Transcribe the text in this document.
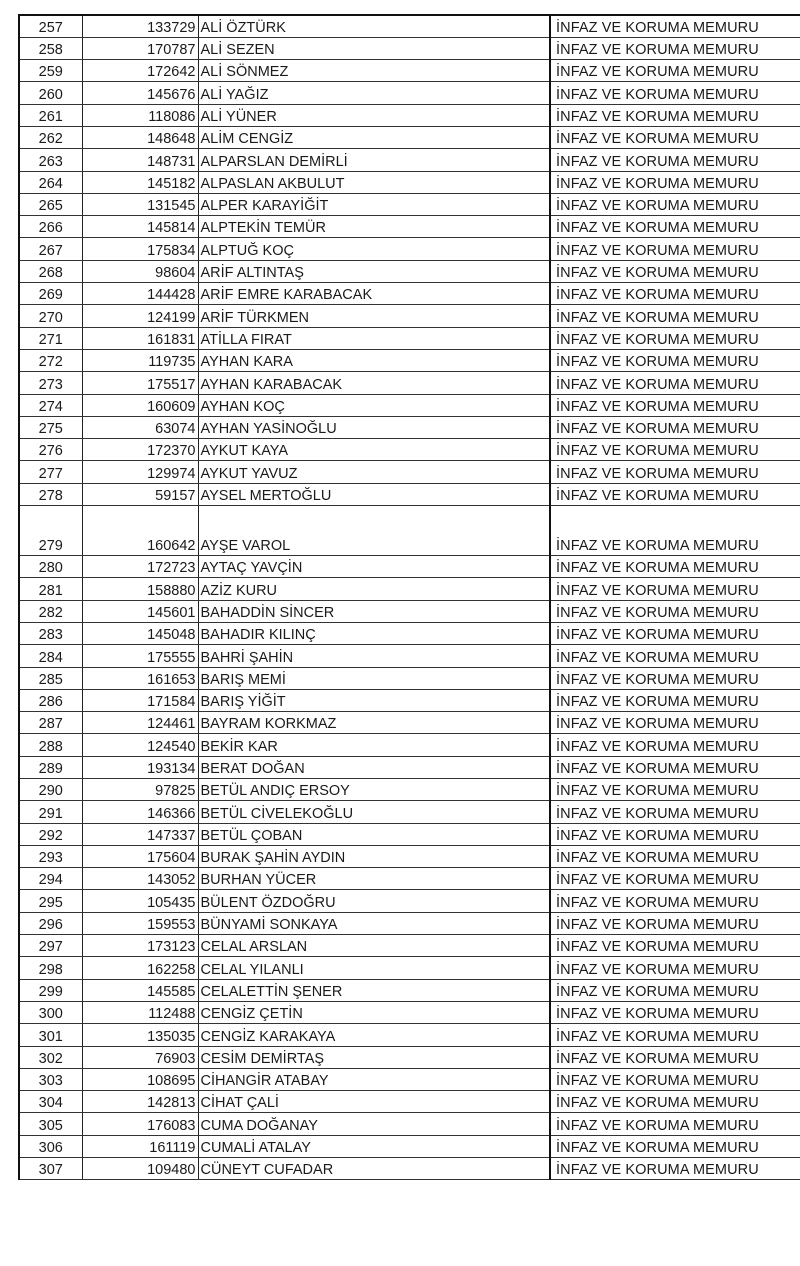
257	133729	ALİ ÖZTÜRK	İNFAZ VE KORUMA MEMURU
258	170787	ALİ SEZEN	İNFAZ VE KORUMA MEMURU
259	172642	ALİ SÖNMEZ	İNFAZ VE KORUMA MEMURU
260	145676	ALİ YAĞIZ	İNFAZ VE KORUMA MEMURU
261	118086	ALİ YÜNER	İNFAZ VE KORUMA MEMURU
262	148648	ALİM CENGİZ	İNFAZ VE KORUMA MEMURU
263	148731	ALPARSLAN DEMİRLİ	İNFAZ VE KORUMA MEMURU
264	145182	ALPASLAN AKBULUT	İNFAZ VE KORUMA MEMURU
265	131545	ALPER KARAYİĞİT	İNFAZ VE KORUMA MEMURU
266	145814	ALPTEKİN TEMÜR	İNFAZ VE KORUMA MEMURU
267	175834	ALPTUĞ KOÇ	İNFAZ VE KORUMA MEMURU
268	98604	ARİF ALTINTAŞ	İNFAZ VE KORUMA MEMURU
269	144428	ARİF EMRE KARABACAK	İNFAZ VE KORUMA MEMURU
270	124199	ARİF TÜRKMEN	İNFAZ VE KORUMA MEMURU
271	161831	ATİLLA FIRAT	İNFAZ VE KORUMA MEMURU
272	119735	AYHAN KARA	İNFAZ VE KORUMA MEMURU
273	175517	AYHAN KARABACAK	İNFAZ VE KORUMA MEMURU
274	160609	AYHAN KOÇ	İNFAZ VE KORUMA MEMURU
275	63074	AYHAN YASİNOĞLU	İNFAZ VE KORUMA MEMURU
276	172370	AYKUT KAYA	İNFAZ VE KORUMA MEMURU
277	129974	AYKUT YAVUZ	İNFAZ VE KORUMA MEMURU
278	59157	AYSEL MERTOĞLU	İNFAZ VE KORUMA MEMURU
279	160642	AYŞE VAROL	İNFAZ VE KORUMA MEMURU
280	172723	AYTAÇ YAVÇİN	İNFAZ VE KORUMA MEMURU
281	158880	AZİZ KURU	İNFAZ VE KORUMA MEMURU
282	145601	BAHADDİN SİNCER	İNFAZ VE KORUMA MEMURU
283	145048	BAHADIR KILINÇ	İNFAZ VE KORUMA MEMURU
284	175555	BAHRİ ŞAHİN	İNFAZ VE KORUMA MEMURU
285	161653	BARIŞ MEMİ	İNFAZ VE KORUMA MEMURU
286	171584	BARIŞ YİĞİT	İNFAZ VE KORUMA MEMURU
287	124461	BAYRAM KORKMAZ	İNFAZ VE KORUMA MEMURU
288	124540	BEKİR KAR	İNFAZ VE KORUMA MEMURU
289	193134	BERAT DOĞAN	İNFAZ VE KORUMA MEMURU
290	97825	BETÜL ANDIÇ ERSOY	İNFAZ VE KORUMA MEMURU
291	146366	BETÜL CİVELEKOĞLU	İNFAZ VE KORUMA MEMURU
292	147337	BETÜL ÇOBAN	İNFAZ VE KORUMA MEMURU
293	175604	BURAK ŞAHİN AYDIN	İNFAZ VE KORUMA MEMURU
294	143052	BURHAN YÜCER	İNFAZ VE KORUMA MEMURU
295	105435	BÜLENT ÖZDOĞRU	İNFAZ VE KORUMA MEMURU
296	159553	BÜNYAMİ SONKAYA	İNFAZ VE KORUMA MEMURU
297	173123	CELAL ARSLAN	İNFAZ VE KORUMA MEMURU
298	162258	CELAL YILANLI	İNFAZ VE KORUMA MEMURU
299	145585	CELALETTİN ŞENER	İNFAZ VE KORUMA MEMURU
300	112488	CENGİZ ÇETİN	İNFAZ VE KORUMA MEMURU
301	135035	CENGİZ KARAKAYA	İNFAZ VE KORUMA MEMURU
302	76903	CESİM DEMİRTAŞ	İNFAZ VE KORUMA MEMURU
303	108695	CİHANGİR ATABAY	İNFAZ VE KORUMA MEMURU
304	142813	CİHAT ÇALİ	İNFAZ VE KORUMA MEMURU
305	176083	CUMA DOĞANAY	İNFAZ VE KORUMA MEMURU
306	161119	CUMALİ ATALAY	İNFAZ VE KORUMA MEMURU
307	109480	CÜNEYT CUFADAR	İNFAZ VE KORUMA MEMURU
